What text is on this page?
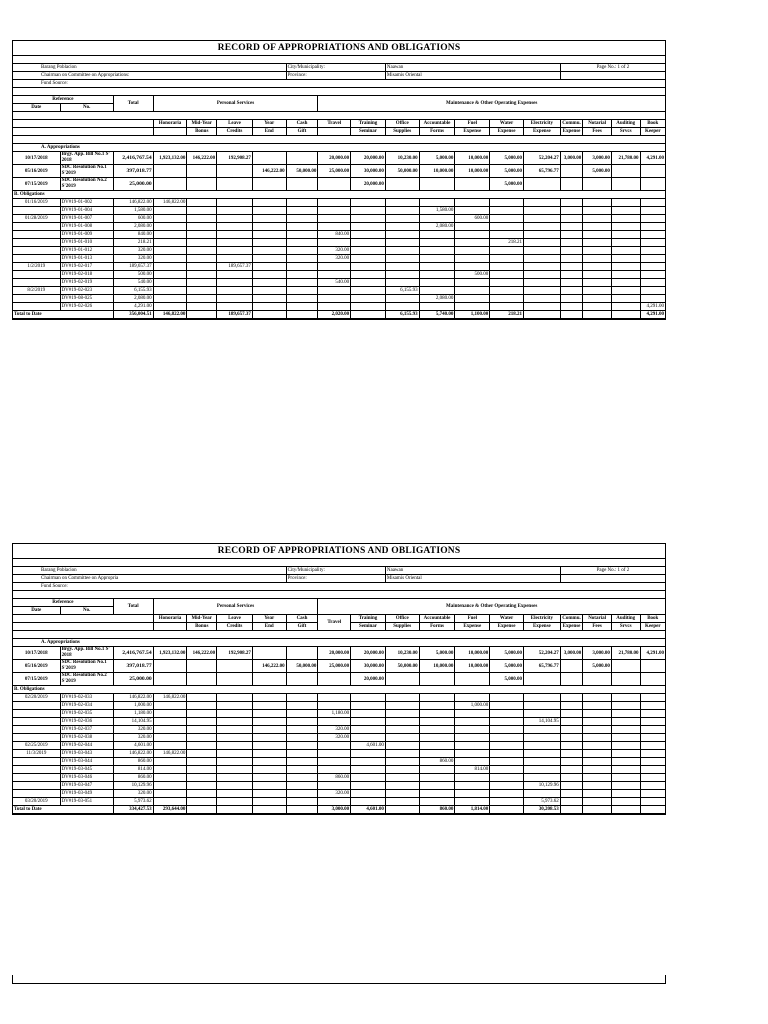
RECORD OF APPROPRIATIONS AND OBLIGATIONS

Barang Poblacion							City/Municipality:			Naawan					Page No.: 1 of 2			
Chairman on Committee on Appropriations:							Province:			Misamis Oriental								
Fund Source:																		

Reference		Total	Personal Services					Maintenance & Other Operating Expenses										
Date	No.																	

			Honoraria	Mid-Year	Leave	Year	Cash	Travel	Training	Office	Accountable	Fuel	Water	Electricity	Commu.	Notarial	Auditing	Book
				Bonus	Credits	End	Gift		Seminar	Supplies	Forms	Expense	Expense	Expense	Expense	Fees	Srvcs	Keeper

A. Appropriations																		
10/17/2018	Brgy. App. Bill No.1 S' 2018	2,416,767.54	1,923,132.00	146,222.00	192,908.27			20,000.00	20,000.00	10,230.00	5,000.00	10,000.00	5,000.00	52,204.27	3,000.00	3,000.00	21,780.00	4,291.00
05/16/2019	SDC Resolution No.1 S'2019	397,018.77				146,222.00	50,000.00	25,000.00	30,000.00	50,000.00	10,000.00	10,000.00	5,000.00	65,796.77		5,000.00		
07/15/2019	SDC Resolution No.2 S'2019	25,000.00							20,000.00				5,000.00					
B. Obligations																		
01/16/2019	DV#19-01-002	146,822.00	146,822.00															
	DV#19-01-004	1,580.00									1,580.00							
01/28/2019	DV#19-01-007	600.00										600.00						
	DV#19-01-008	2,080.00									2,080.00							
	DV#19-01-009	840.00						840.00										
	DV#19-01-010	218.21											218.21					
	DV#19-01-012	320.00						320.00										
	DV#19-01-013	320.00						320.00										
1/2/2019	DV#19-02-017	189,657.37			189,657.37													
	DV#19-02-018	500.00										500.00						
	DV#19-02-019	540.00						540.00										
8/2/2019	DV#19-02-023	6,155.93								6,155.93								
	DV#19-08-025	2,080.00									2,080.00							
	DV#19-02-026	4,291.00																4,291.00
Total to Date		356,004.51	146,822.00		189,657.37			2,020.00		6,155.93	5,740.00	1,100.00	218.21					4,291.00
RECORD OF APPROPRIATIONS AND OBLIGATIONS

Barang Poblacion							City/Municipality:			Naawan					Page No.: 1 of 2			
Chairman on Committee on Appropria							Province:			Misamis Oriental								
Fund Source:																		

Reference		Total	Personal Services					Maintenance & Other Operating Expenses										
Date	No.																	
			Honoraria	Mid-Year	Leave	Year	Cash	Travel	Training	Office	Accountable	Fuel	Water	Electricity	Commu.	Notarial	Auditing	Book
				Bonus	Credits	End	Gift		Seminar	Supplies	Forms	Expense	Expense	Expense	Expense	Fees	Srvcs	Keeper

A. Appropriations																		
10/17/2018	Brgy. App. Bill No.1 S' 2018	2,416,767.54	1,923,132.00	146,222.00	192,908.27			20,000.00	20,000.00	10,230.00	5,000.00	10,000.00	5,000.00	52,204.27	3,000.00	3,000.00	21,780.00	4,291.00
05/16/2019	SDC Resolution No.1 S'2019	397,018.77				146,222.00	50,000.00	25,000.00	30,000.00	50,000.00	10,000.00	10,000.00	5,000.00	65,796.77		5,000.00		
07/15/2019	SDC Resolution No.2 S'2019	25,000.00							20,000.00				5,000.00					
B. Obligations																		
02/20/2019	DV#19-02-033	146,822.00	146,822.00															
	DV#19-02-034	1,000.00										1,000.00						
	DV#19-02-035	1,180.00						1,180.00										
	DV#19-02-036	14,104.95												14,104.95				
	DV#19-02-037	320.00						320.00										
	DV#19-02-038	320.00						320.00										
02/25/2019	DV#19-02-044	4,601.00							4,601.00									
11/3/2019	DV#19-03-043	146,822.00	146,822.00															
	DV#19-03-044	860.00									860.00							
	DV#19-03-045	814.00										814.00						
	DV#19-03-046	860.00						860.00										
	DV#19-03-047	10,129.96												10,129.96				
	DV#19-03-049	320.00						320.00										
03/20/2019	DV#19-03-051	5,973.62												5,973.62				
Total to Date		334,427.53	293,644.00					3,000.00	4,601.00		860.00	1,814.00		30,208.53				
